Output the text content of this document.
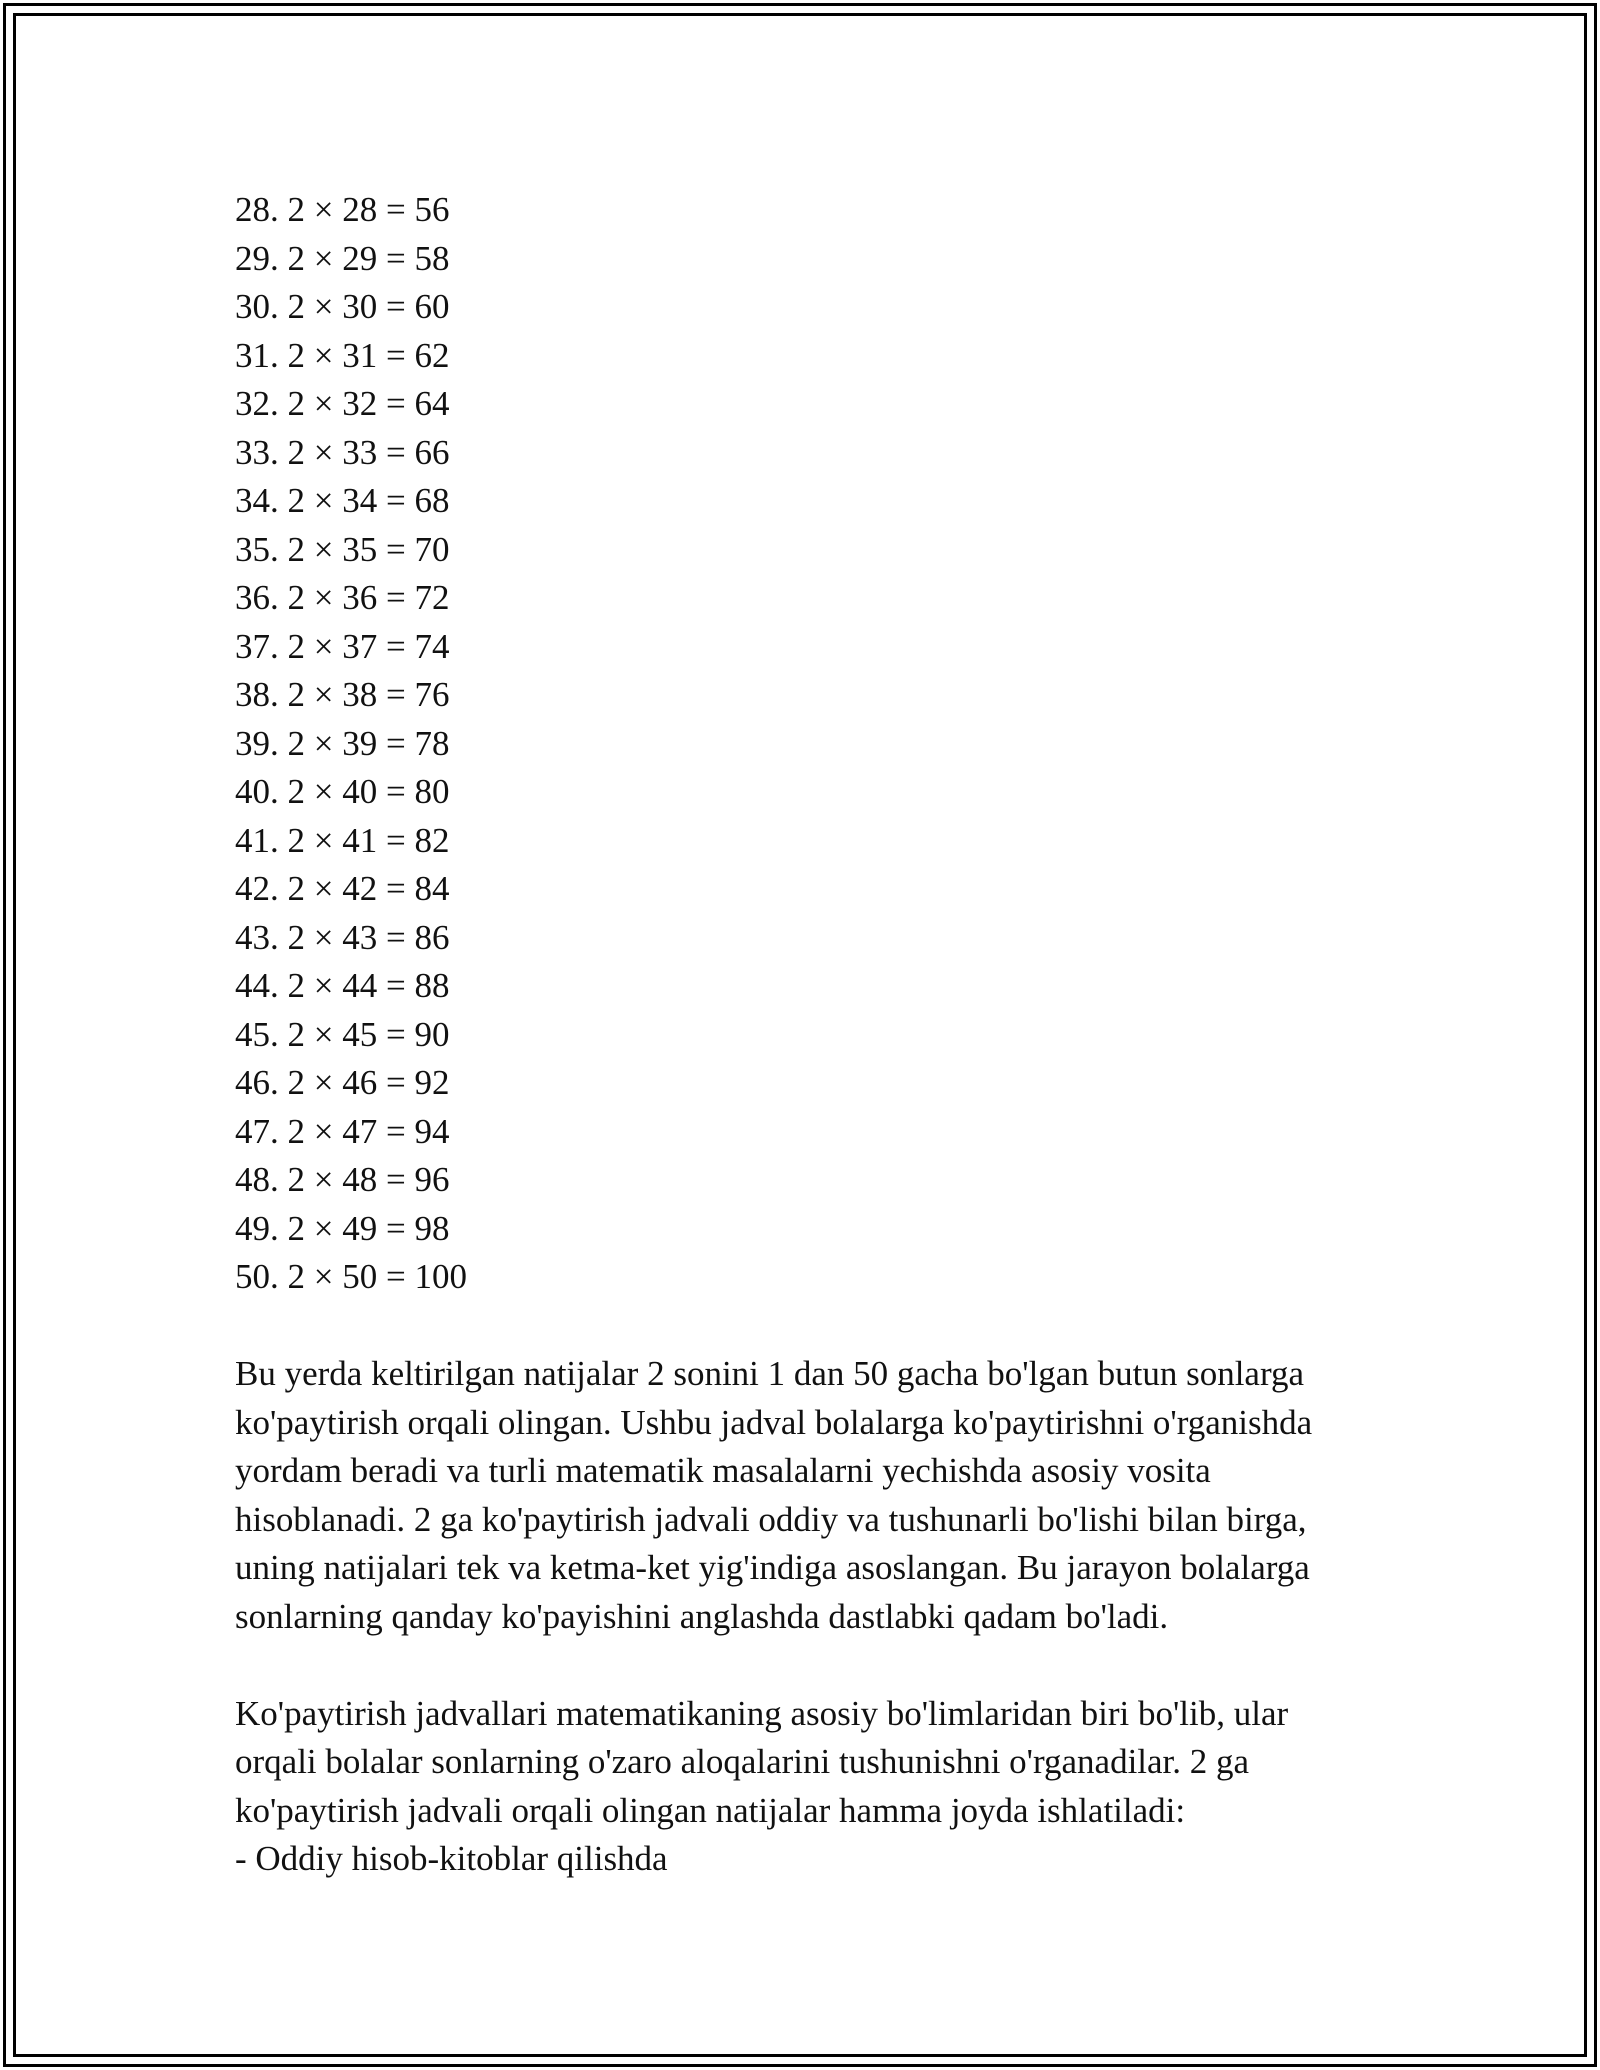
28. 2 × 28 = 56
29. 2 × 29 = 58
30. 2 × 30 = 60
31. 2 × 31 = 62
32. 2 × 32 = 64
33. 2 × 33 = 66
34. 2 × 34 = 68
35. 2 × 35 = 70
36. 2 × 36 = 72
37. 2 × 37 = 74
38. 2 × 38 = 76
39. 2 × 39 = 78
40. 2 × 40 = 80
41. 2 × 41 = 82
42. 2 × 42 = 84
43. 2 × 43 = 86
44. 2 × 44 = 88
45. 2 × 45 = 90
46. 2 × 46 = 92
47. 2 × 47 = 94
48. 2 × 48 = 96
49. 2 × 49 = 98
50. 2 × 50 = 100

Bu yerda keltirilgan natijalar 2 sonini 1 dan 50 gacha bo'lgan butun sonlarga
ko'paytirish orqali olingan. Ushbu jadval bolalarga ko'paytirishni o'rganishda
yordam beradi va turli matematik masalalarni yechishda asosiy vosita
hisoblanadi. 2 ga ko'paytirish jadvali oddiy va tushunarli bo'lishi bilan birga,
uning natijalari tek va ketma-ket yig'indiga asoslangan. Bu jarayon bolalarga
sonlarning qanday ko'payishini anglashda dastlabki qadam bo'ladi.

Ko'paytirish jadvallari matematikaning asosiy bo'limlaridan biri bo'lib, ular
orqali bolalar sonlarning o'zaro aloqalarini tushunishni o'rganadilar. 2 ga
ko'paytirish jadvali orqali olingan natijalar hamma joyda ishlatiladi:
- Oddiy hisob-kitoblar qilishda
